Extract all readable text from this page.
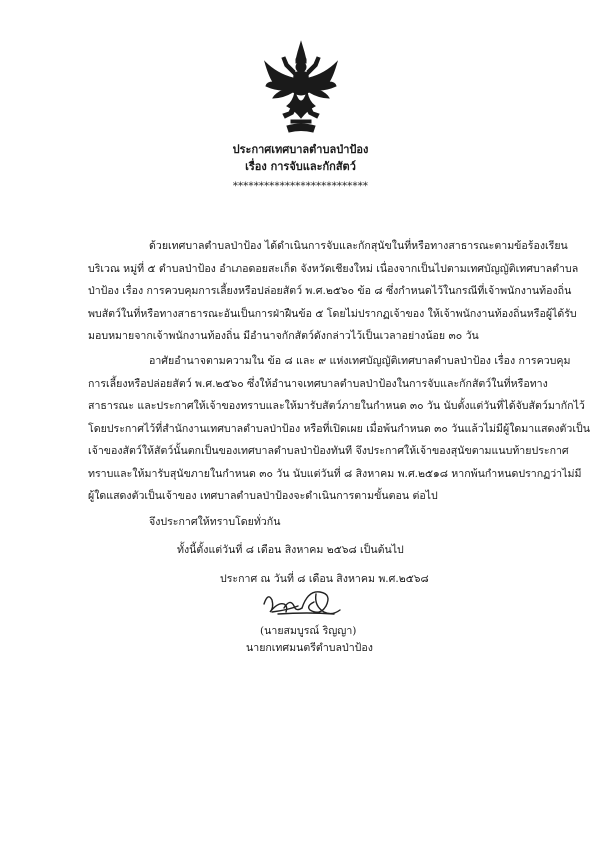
ประกาศเทศบาลตำบลป่าป้อง
เรื่อง การจับและกักสัตว์
**************************
ด้วยเทศบาลตำบลป่าป้อง ได้ดำเนินการจับและกักสุนัขในที่หรือทางสาธารณะตามข้อร้องเรียน
บริเวณ หมู่ที่ ๕ ตำบลป่าป้อง อำเภอดอยสะเก็ด จังหวัดเชียงใหม่ เนื่องจากเป็นไปตามเทศบัญญัติเทศบาลตำบล
ป่าป้อง เรื่อง การควบคุมการเลี้ยงหรือปล่อยสัตว์ พ.ศ.๒๕๖๐ ข้อ ๘ ซึ่งกำหนดไว้ในกรณีที่เจ้าพนักงานท้องถิ่น
พบสัตว์ในที่หรือทางสาธารณะอันเป็นการฝ่าฝืนข้อ ๕ โดยไม่ปรากฏเจ้าของ ให้เจ้าพนักงานท้องถิ่นหรือผู้ได้รับ
มอบหมายจากเจ้าพนักงานท้องถิ่น มีอำนาจกักสัตว์ดังกล่าวไว้เป็นเวลาอย่างน้อย ๓๐ วัน
อาศัยอำนาจตามความใน ข้อ ๘ และ ๙ แห่งเทศบัญญัติเทศบาลตำบลป่าป้อง เรื่อง การควบคุม
การเลี้ยงหรือปล่อยสัตว์ พ.ศ.๒๕๖๐ ซึ่งให้อำนาจเทศบาลตำบลป่าป้องในการจับและกักสัตว์ในที่หรือทาง
สาธารณะ และประกาศให้เจ้าของทราบและให้มารับสัตว์ภายในกำหนด ๓๐ วัน นับตั้งแต่วันที่ได้จับสัตว์มากักไว้
โดยประกาศไว้ที่สำนักงานเทศบาลตำบลป่าป้อง หรือที่เปิดเผย เมื่อพ้นกำหนด ๓๐ วันแล้วไม่มีผู้ใดมาแสดงตัวเป็น
เจ้าของสัตว์ให้สัตว์นั้นตกเป็นของเทศบาลตำบลป่าป้องทันที จึงประกาศให้เจ้าของสุนัขตามแนบท้ายประกาศ
ทราบและให้มารับสุนัขภายในกำหนด ๓๐ วัน นับแต่วันที่ ๘ สิงหาคม พ.ศ.๒๕๑๘ หากพ้นกำหนดปรากฏว่าไม่มี
ผู้ใดแสดงตัวเป็นเจ้าของ เทศบาลตำบลป่าป้องจะดำเนินการตามขั้นตอน ต่อไป
จึงประกาศให้ทราบโดยทั่วกัน
ทั้งนี้ตั้งแต่วันที่ ๘ เดือน สิงหาคม ๒๕๖๘ เป็นต้นไป
ประกาศ ณ วันที่ ๘ เดือน สิงหาคม พ.ศ.๒๕๖๘
(นายสมบูรณ์ ริญญา)
นายกเทศมนตรีตำบลป่าป้อง
